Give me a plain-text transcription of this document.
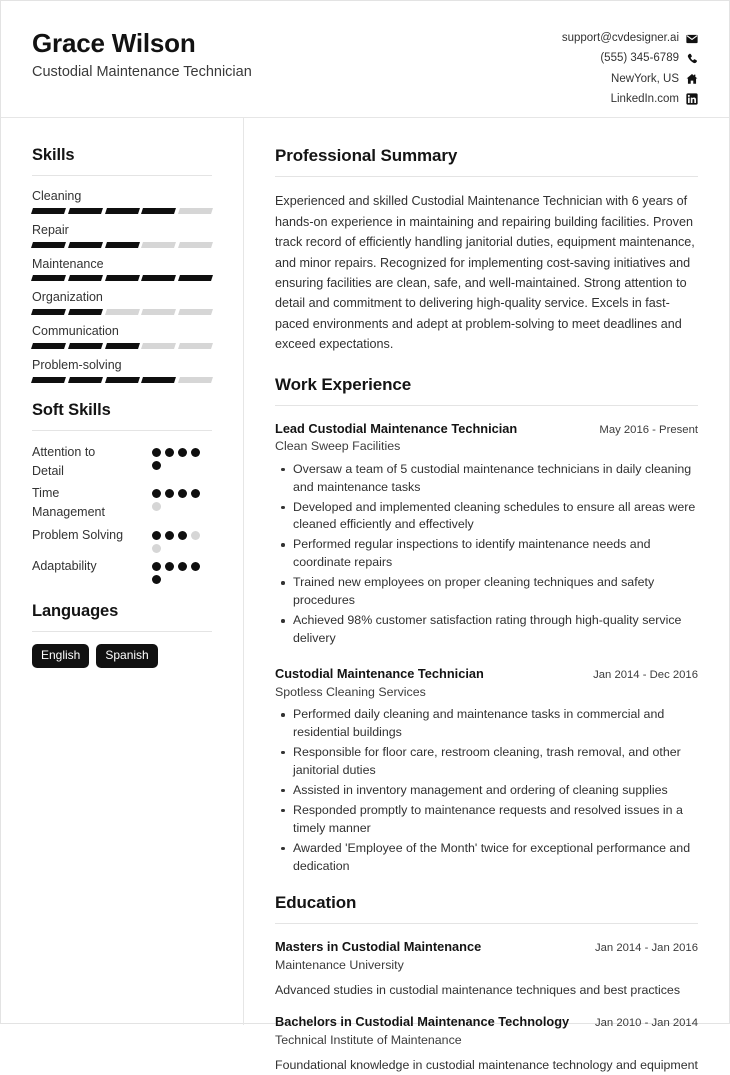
Grace Wilson
Custodial Maintenance Technician
support@cvdesigner.ai
(555) 345-6789
NewYork, US
LinkedIn.com
Skills
Cleaning
Repair
Maintenance
Organization
Communication
Problem-solving
Soft Skills
Attention to Detail
Time Management
Problem Solving
Adaptability
Languages
English	Spanish
Professional Summary

Experienced and skilled Custodial Maintenance Technician with 6 years of hands-on experience in maintaining and repairing building facilities. Proven track record of efficiently handling janitorial duties, equipment maintenance, and minor repairs. Recognized for implementing cost-saving initiatives and ensuring facilities are clean, safe, and well-maintained. Strong attention to detail and commitment to delivering high-quality service. Excels in fast-paced environments and adept at problem-solving to meet deadlines and exceed expectations.

Work Experience
Lead Custodial Maintenance Technician	May 2016 - Present
Clean Sweep Facilities
Oversaw a team of 5 custodial maintenance technicians in daily cleaning and maintenance tasks
Developed and implemented cleaning schedules to ensure all areas were cleaned efficiently and effectively
Performed regular inspections to identify maintenance needs and coordinate repairs
Trained new employees on proper cleaning techniques and safety procedures
Achieved 98% customer satisfaction rating through high-quality service delivery
Custodial Maintenance Technician	Jan 2014 - Dec 2016
Spotless Cleaning Services
Performed daily cleaning and maintenance tasks in commercial and residential buildings
Responsible for floor care, restroom cleaning, trash removal, and other janitorial duties
Assisted in inventory management and ordering of cleaning supplies
Responded promptly to maintenance requests and resolved issues in a timely manner
Awarded 'Employee of the Month' twice for exceptional performance and dedication
Education
Masters in Custodial Maintenance	Jan 2014 - Jan 2016
Maintenance University
Advanced studies in custodial maintenance techniques and best practices
Bachelors in Custodial Maintenance Technology Jan 2010 - Jan 2014
Technical Institute of Maintenance
Foundational knowledge in custodial maintenance technology and equipment
